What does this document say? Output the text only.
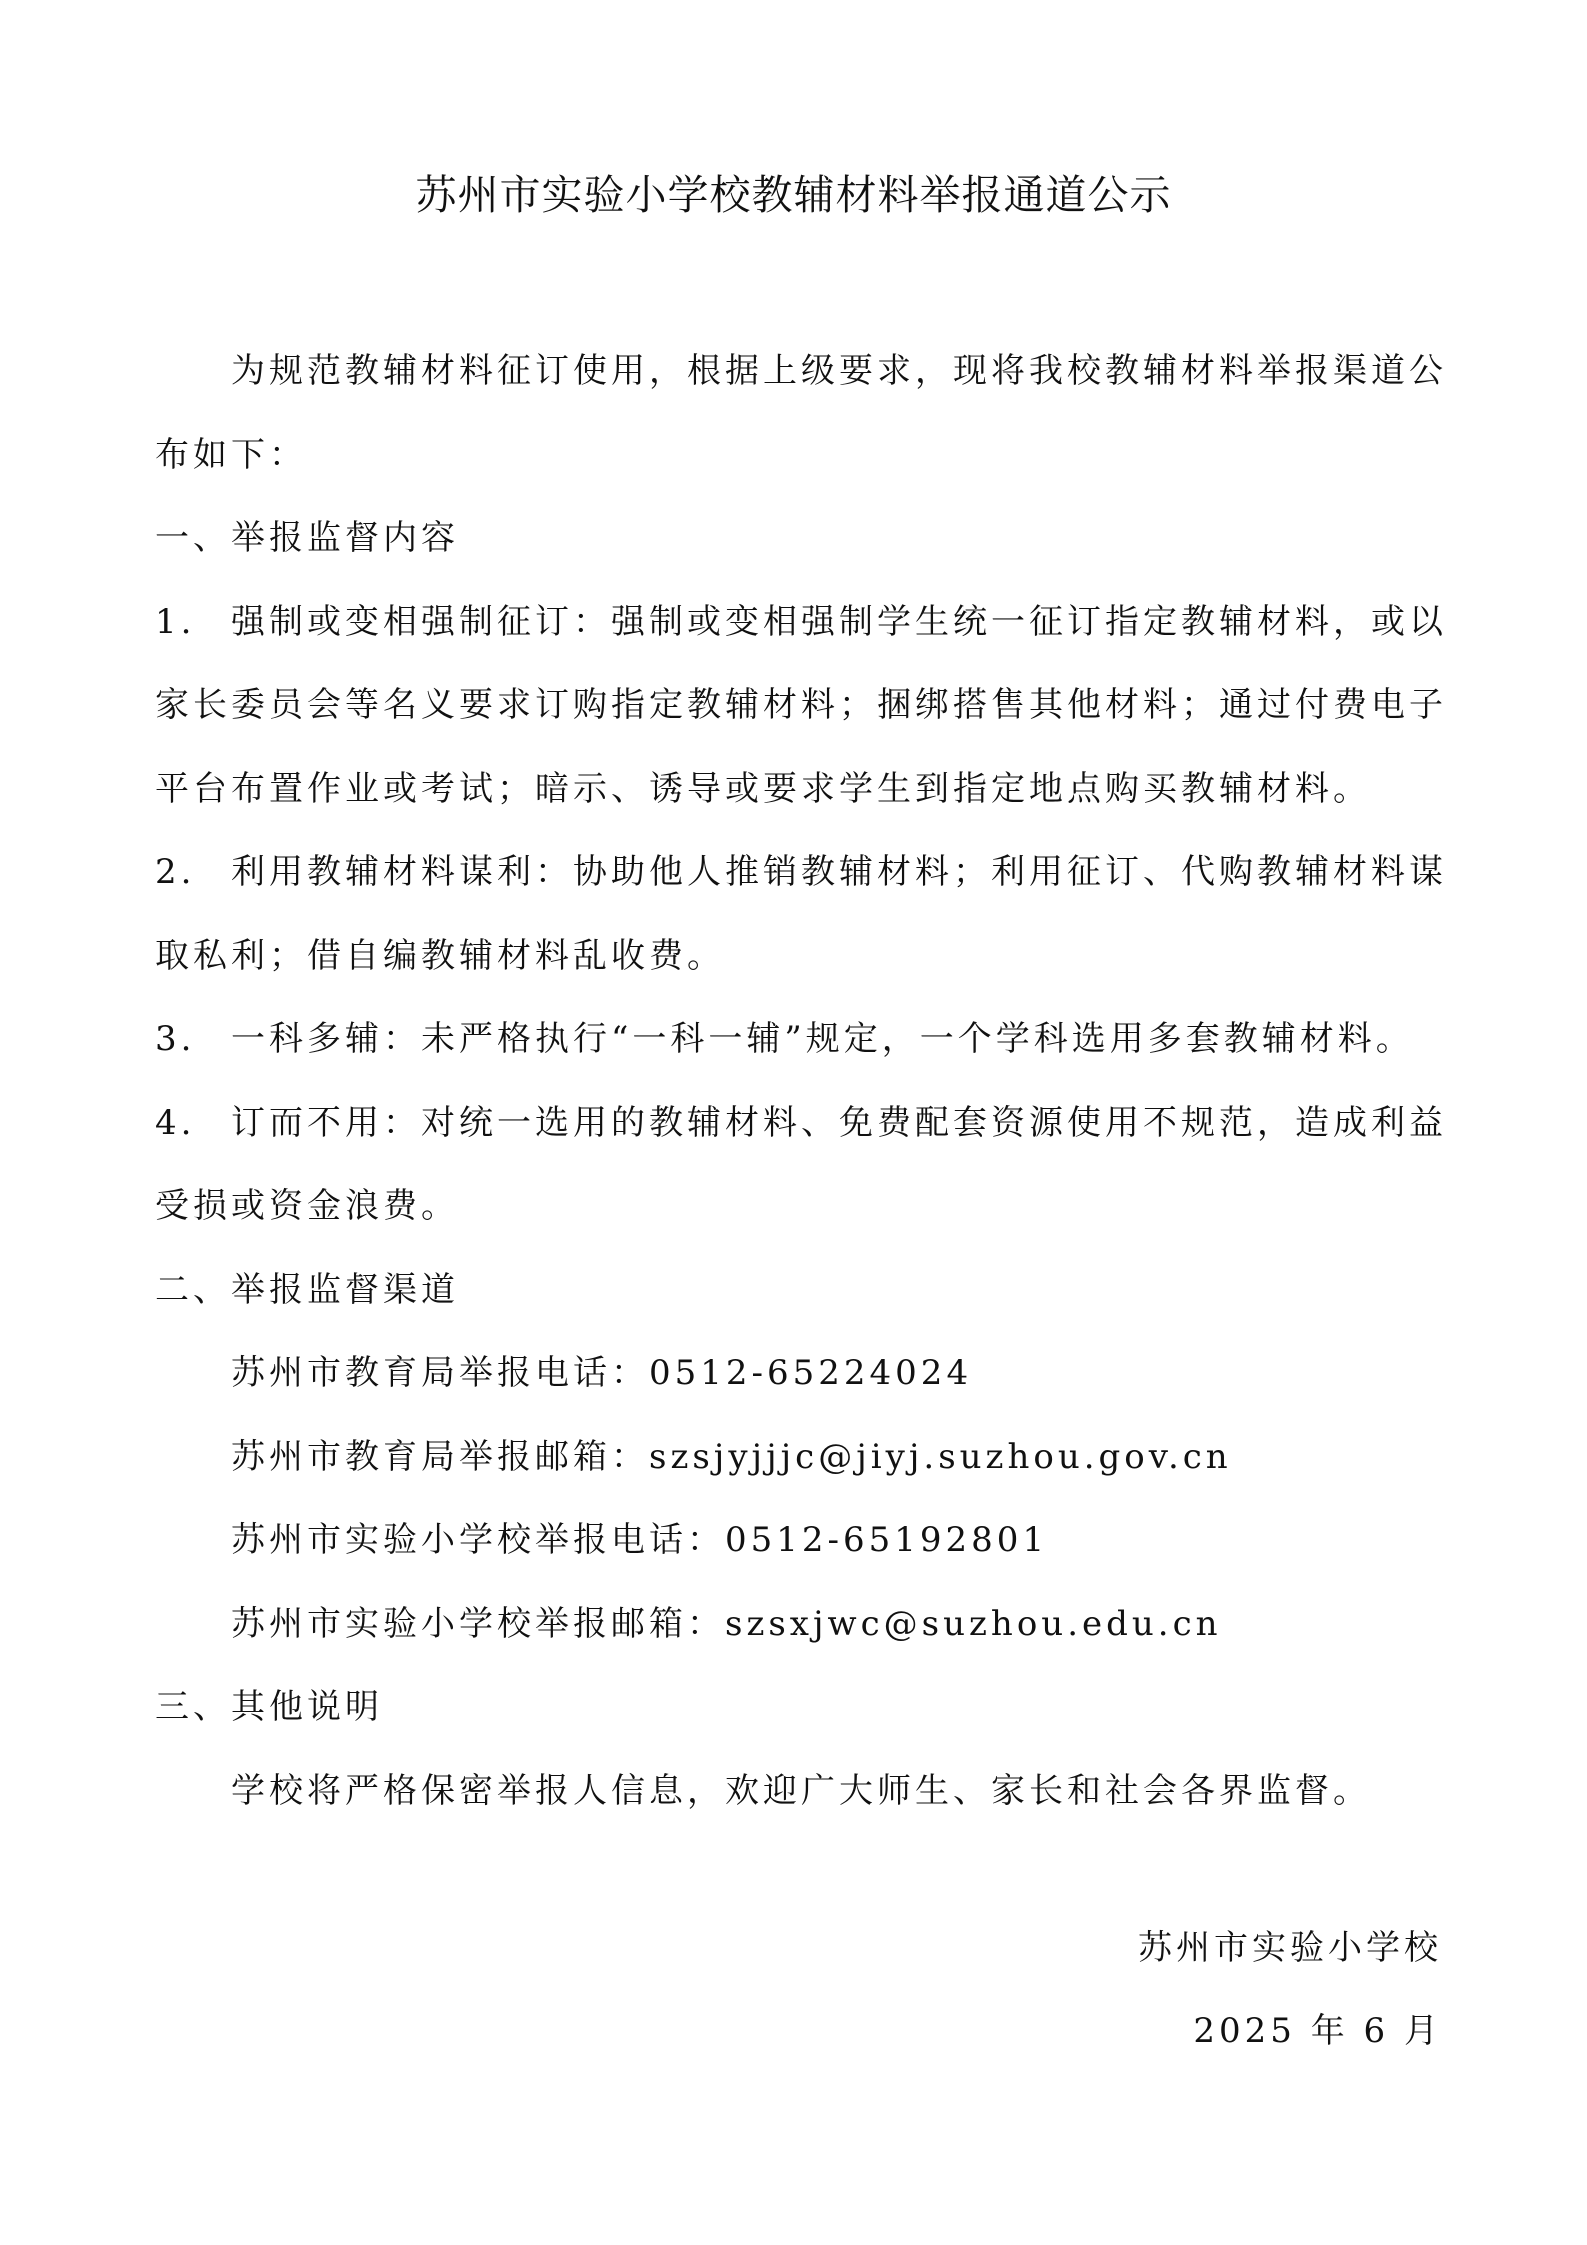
苏州市实验小学校教辅材料举报通道公示
为规范教辅材料征订使用，根据上级要求，现将我校教辅材料举报渠道公
布如下：
一、举报监督内容
1. 强制或变相强制征订：强制或变相强制学生统一征订指定教辅材料，或以
家长委员会等名义要求订购指定教辅材料；捆绑搭售其他材料；通过付费电子
平台布置作业或考试；暗示、诱导或要求学生到指定地点购买教辅材料。
2. 利用教辅材料谋利：协助他人推销教辅材料；利用征订、代购教辅材料谋
取私利；借自编教辅材料乱收费。
3. 一科多辅：未严格执行“一科一辅”规定，一个学科选用多套教辅材料。
4. 订而不用：对统一选用的教辅材料、免费配套资源使用不规范，造成利益
受损或资金浪费。
二、举报监督渠道
苏州市教育局举报电话：0512-65224024
苏州市教育局举报邮箱：szsjyjjjc@jiyj.suzhou.gov.cn
苏州市实验小学校举报电话：0512-65192801
苏州市实验小学校举报邮箱：szsxjwc@suzhou.edu.cn
三、其他说明
学校将严格保密举报人信息，欢迎广大师生、家长和社会各界监督。

苏州市实验小学校

2025 年 6 月
